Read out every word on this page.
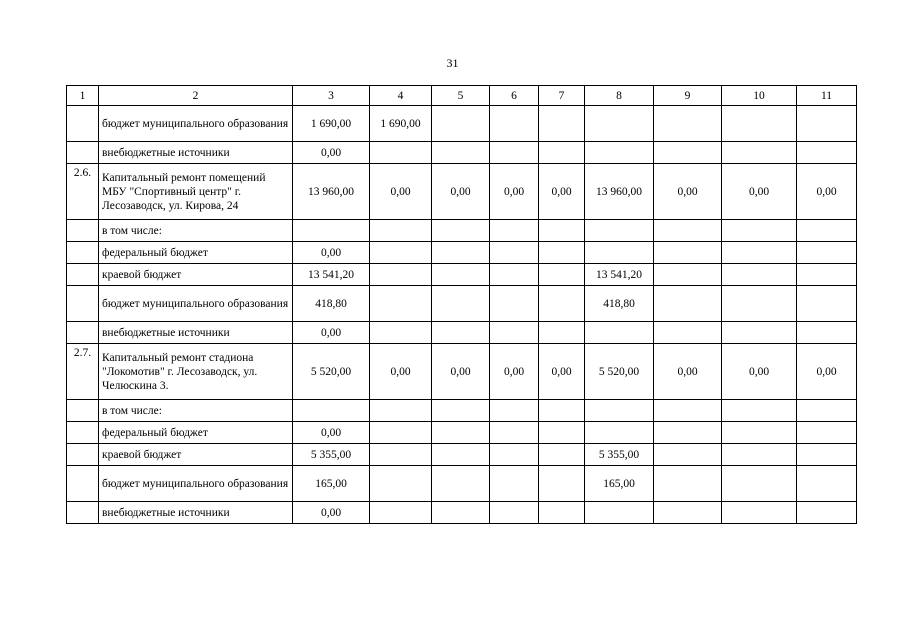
31
1	2	3	4	5	6	7	8	9	10	11
	бюджет муниципального образования	1 690,00	1 690,00							
	внебюджетные источники	0,00								
2.6.	Капитальный ремонт помещений МБУ "Спортивный центр" г. Лесозаводск, ул. Кирова, 24	13 960,00	0,00	0,00	0,00	0,00	13 960,00	0,00	0,00	0,00
	в том числе:									
	федеральный бюджет	0,00								
	краевой бюджет	13 541,20					13 541,20			
	бюджет муниципального образования	418,80					418,80			
	внебюджетные источники	0,00								
2.7.	Капитальный ремонт стадиона "Локомотив" г. Лесозаводск, ул. Челюскина 3.	5 520,00	0,00	0,00	0,00	0,00	5 520,00	0,00	0,00	0,00
	в том числе:									
	федеральный бюджет	0,00								
	краевой бюджет	5 355,00					5 355,00			
	бюджет муниципального образования	165,00					165,00			
	внебюджетные источники	0,00								
